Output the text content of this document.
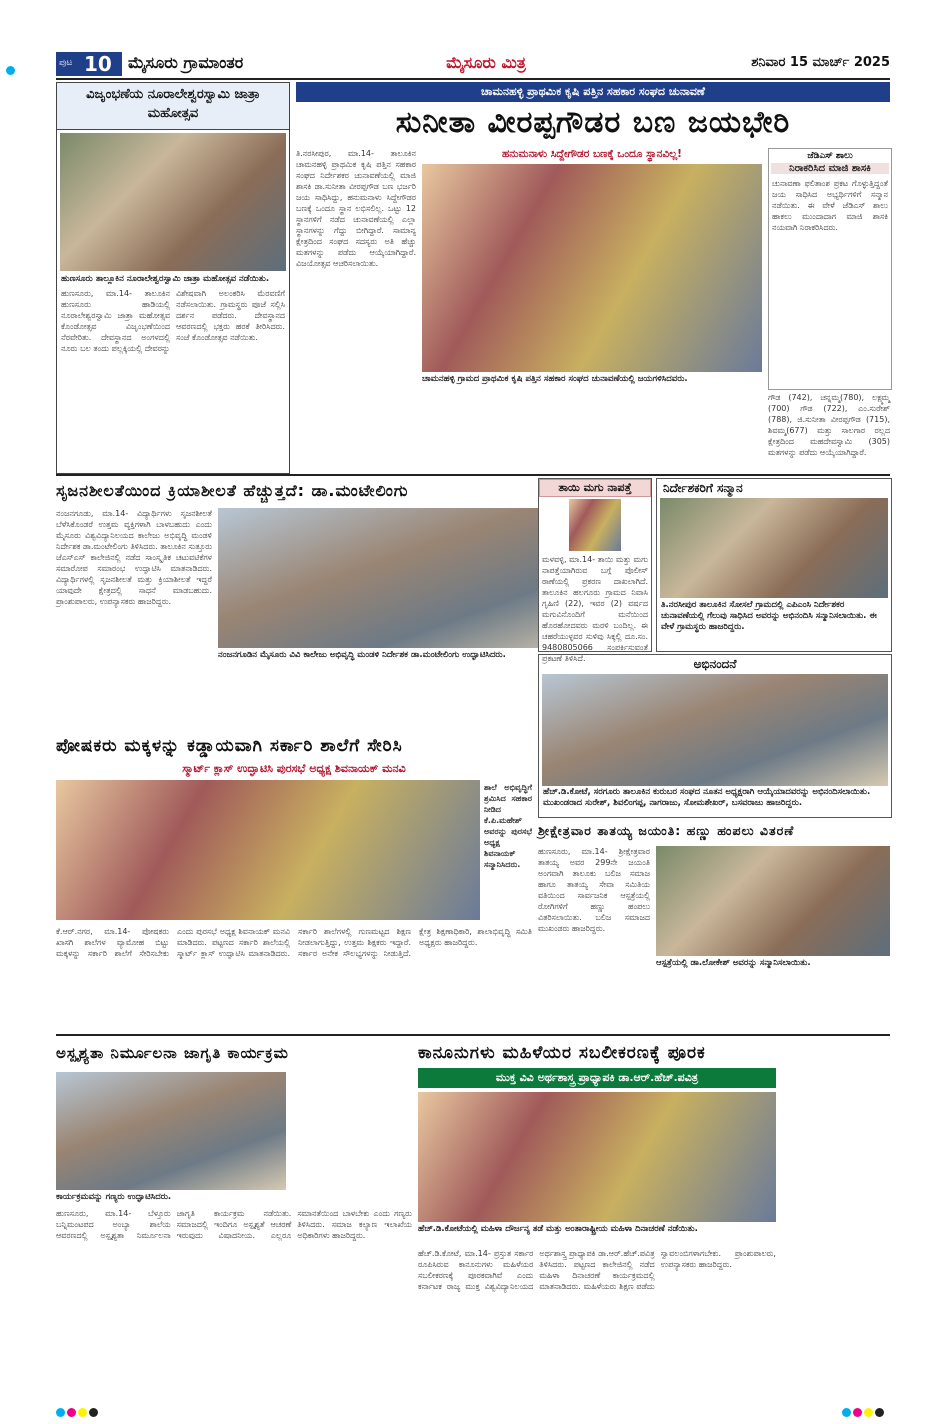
ಪುಟ 10 ಮೈಸೂರು ಗ್ರಾಮಾಂತರ	ಮೈಸೂರು ಮಿತ್ರ	ಶನಿವಾರ 15 ಮಾರ್ಚ್ 2025
ವಿಜೃಂಭಣೆಯ ನೂರಾಲೇಶ್ವರಸ್ವಾಮಿ ಜಾತ್ರಾ ಮಹೋತ್ಸವ
ಹುಣಸೂರು ತಾಲ್ಲೂಕಿನ ನೂರಾಲೇಶ್ವರಸ್ವಾಮಿ ಜಾತ್ರಾ ಮಹೋತ್ಸವ ನಡೆಯಿತು.
ಹುಣಸೂರು, ಮಾ.14- ತಾಲೂಕಿನ ಹುಣಸೂರು ಹಾಡಿಯಲ್ಲಿ ನೂರಾಲೇಶ್ವರಸ್ವಾಮಿ ಜಾತ್ರಾ ಮಹೋತ್ಸವ ಕೊಂಡೋತ್ಸವ ವಿಜೃಂಭಣೆಯಿಂದ ನೆರವೇರಿತು. ದೇವಸ್ಥಾನದ ಅಂಗಳದಲ್ಲಿ ನೂರು ಬಲ ತಂದು ಪಲ್ಲಕ್ಕಿಯಲ್ಲಿ ದೇವರನ್ನು ವಿಶೇಷವಾಗಿ ಅಲಂಕರಿಸಿ ಮೆರವಣಿಗೆ ನಡೆಸಲಾಯಿತು. ಗ್ರಾಮಸ್ಥರು ಪೂಜೆ ಸಲ್ಲಿಸಿ ದರ್ಶನ ಪಡೆದರು. ದೇವಸ್ಥಾನದ ಆವರಣದಲ್ಲಿ ಭಕ್ತರು ಹರಕೆ ತೀರಿಸಿದರು. ಸಂಜೆ ಕೊಂಡೋತ್ಸವ ನಡೆಯಿತು.
ಚಾಮನಹಳ್ಳಿ ಪ್ರಾಥಮಿಕ ಕೃಷಿ ಪತ್ತಿನ ಸಹಕಾರ ಸಂಘದ ಚುನಾವಣೆ
ಸುನೀತಾ ವೀರಪ್ಪಗೌಡರ ಬಣ ಜಯಭೇರಿ
ತಿ.ನರಸೀಪುರ, ಮಾ.14- ತಾಲೂಕಿನ ಚಾಮನಹಳ್ಳಿ ಪ್ರಾಥಮಿಕ ಕೃಷಿ ಪತ್ತಿನ ಸಹಕಾರ ಸಂಘದ ನಿರ್ದೇಶಕರ ಚುನಾವಣೆಯಲ್ಲಿ ಮಾಜಿ ಶಾಸಕಿ ಡಾ.ಸುನೀತಾ ವೀರಪ್ಪಗೌಡ ಬಣ ಭರ್ಜರಿ ಜಯ ಸಾಧಿಸಿದ್ದು, ಹನುಮನಾಳು ಸಿದ್ದೇಗೌಡರ ಬಣಕ್ಕೆ ಒಂದೂ ಸ್ಥಾನ ಲಭಿಸಲಿಲ್ಲ. ಒಟ್ಟು 12 ಸ್ಥಾನಗಳಿಗೆ ನಡೆದ ಚುನಾವಣೆಯಲ್ಲಿ ಎಲ್ಲಾ ಸ್ಥಾನಗಳನ್ನು ಗೆದ್ದು ಬೀಗಿದ್ದಾರೆ. ಸಾಮಾನ್ಯ ಕ್ಷೇತ್ರದಿಂದ ಸಂಘದ ಸದಸ್ಯರು ಅತಿ ಹೆಚ್ಚು ಮತಗಳನ್ನು ಪಡೆದು ಆಯ್ಕೆಯಾಗಿದ್ದಾರೆ. ವಿಜಯೋತ್ಸವ ಆಚರಿಸಲಾಯಿತು.
ಹನುಮನಾಳು ಸಿದ್ದೇಗೌಡರ ಬಣಕ್ಕೆ ಒಂದೂ ಸ್ಥಾನವಿಲ್ಲ!
ಚಾಮನಹಳ್ಳಿ ಗ್ರಾಮದ ಪ್ರಾಥಮಿಕ ಕೃಷಿ ಪತ್ತಿನ ಸಹಕಾರ ಸಂಘದ ಚುನಾವಣೆಯಲ್ಲಿ ಜಯಗಳಿಸಿದವರು.
ಜೆಡಿಎಸ್ ಶಾಲು
ನಿರಾಕರಿಸಿದ ಮಾಜಿ ಶಾಸಕಿ
ಚುನಾವಣಾ ಫಲಿತಾಂಶ ಪ್ರಕಟ ಗೊಳ್ಳುತ್ತಿದ್ದಂತೆ ಜಯ ಸಾಧಿಸಿದ ಅಭ್ಯರ್ಥಿಗಳಿಗೆ ಸನ್ಮಾನ ನಡೆಯಿತು. ಈ ವೇಳೆ ಜೆಡಿಎಸ್ ಶಾಲು ಹಾಕಲು ಮುಂದಾದಾಗ ಮಾಜಿ ಶಾಸಕಿ ನಯವಾಗಿ ನಿರಾಕರಿಸಿದರು.
ಗೌಡ (742), ಚನ್ನಮ್ಮ(780), ಲಕ್ಷ್ಮಮ್ಮ (700) ಗೌಡ (722), ಎಂ.ಸುರೇಶ್ (788), ಜಿ.ಸುನೀತಾ ವೀರಪ್ಪಗೌಡ (715), ಶಿವಮ್ಮ(677) ಮತ್ತು ಸಾಲಗಾರ ರಲ್ಲದ ಕ್ಷೇತ್ರದಿಂದ ಮಹದೇವಸ್ವಾಮಿ (305) ಮತಗಳನ್ನು ಪಡೆದು ಆಯ್ಕೆಯಾಗಿದ್ದಾರೆ.
ಸೃಜನಶೀಲತೆಯಿಂದ ಕ್ರಿಯಾಶೀಲತೆ ಹೆಚ್ಚುತ್ತದೆ: ಡಾ.ಮಂಟೇಲಿಂಗು
ನಂಜನಗೂಡು, ಮಾ.14- ವಿದ್ಯಾರ್ಥಿಗಳು ಸೃಜನಶೀಲತೆ ಬೆಳೆಸಿಕೊಂಡರೆ ಉತ್ತಮ ವ್ಯಕ್ತಿಗಳಾಗಿ ಬಾಳಬಹುದು ಎಂದು ಮೈಸೂರು ವಿಶ್ವವಿದ್ಯಾನಿಲಯದ ಕಾಲೇಜು ಅಭಿವೃದ್ಧಿ ಮಂಡಳಿ ನಿರ್ದೇಶಕ ಡಾ.ಮಂಟೇಲಿಂಗು ತಿಳಿಸಿದರು. ತಾಲೂಕಿನ ಸುತ್ತೂರು ಜೆಎಸ್‌ಎಸ್ ಕಾಲೇಜಿನಲ್ಲಿ ನಡೆದ ಸಾಂಸ್ಕೃತಿಕ ಚಟುವಟಿಕೆಗಳ ಸಮಾರೋಪ ಸಮಾರಂಭ ಉದ್ಘಾಟಿಸಿ ಮಾತನಾಡಿದರು. ವಿದ್ಯಾರ್ಥಿಗಳಲ್ಲಿ ಸೃಜನಶೀಲತೆ ಮತ್ತು ಕ್ರಿಯಾಶೀಲತೆ ಇದ್ದರೆ ಯಾವುದೇ ಕ್ಷೇತ್ರದಲ್ಲಿ ಸಾಧನೆ ಮಾಡಬಹುದು. ಪ್ರಾಂಶುಪಾಲರು, ಉಪನ್ಯಾಸಕರು ಹಾಜರಿದ್ದರು.
ನಂಜನಗೂಡಿನ ಮೈಸೂರು ವಿವಿ ಕಾಲೇಜು ಅಭಿವೃದ್ಧಿ ಮಂಡಳಿ ನಿರ್ದೇಶಕ ಡಾ.ಮಂಟೇಲಿಂಗು ಉದ್ಘಾಟಿಸಿದರು.
ತಾಯಿ ಮಗು ನಾಪತ್ತೆ
ಮಳವಳ್ಳಿ, ಮಾ.14- ತಾಯಿ ಮತ್ತು ಮಗು ನಾಪತ್ತೆಯಾಗಿರುವ ಬಗ್ಗೆ ಪೊಲೀಸ್ ಠಾಣೆಯಲ್ಲಿ ಪ್ರಕರಣ ದಾಖಲಾಗಿದೆ. ತಾಲೂಕಿನ ಹಲಗೂರು ಗ್ರಾಮದ ನಿವಾಸಿ ಗೃಹಿಣಿ (22), ಇವರ (2) ವರ್ಷದ ಮಗುವಿನೊಂದಿಗೆ ಮನೆಯಿಂದ ಹೊರಹೋದವರು ಮರಳಿ ಬಂದಿಲ್ಲ. ಈ ಚಹರೆಯುಳ್ಳವರ ಸುಳಿವು ಸಿಕ್ಕಲ್ಲಿ ದೂ.ಸಂ. 9480805066 ಸಂಪರ್ಕಿಸುವಂತೆ ಪ್ರಕಟಣೆ ತಿಳಿಸಿದೆ.
ನಿರ್ದೇಶಕರಿಗೆ ಸನ್ಮಾನ
ತಿ.ನರಸೀಪುರ ತಾಲೂಕಿನ ಸೋಸಲೆ ಗ್ರಾಮದಲ್ಲಿ ಎಪಿಎಂಸಿ ನಿರ್ದೇಶಕರ ಚುನಾವಣೆಯಲ್ಲಿ ಗೆಲುವು ಸಾಧಿಸಿದ ಅವರನ್ನು ಅಭಿನಂದಿಸಿ ಸನ್ಮಾನಿಸಲಾಯಿತು. ಈ ವೇಳೆ ಗ್ರಾಮಸ್ಥರು ಹಾಜರಿದ್ದರು.
ಅಭಿನಂದನೆ
ಹೆಚ್.ಡಿ.ಕೋಟೆ, ಸರಗೂರು ತಾಲೂಕಿನ ಕುರುಬರ ಸಂಘದ ನೂತನ ಅಧ್ಯಕ್ಷರಾಗಿ ಆಯ್ಕೆಯಾದವರನ್ನು ಅಭಿನಂದಿಸಲಾಯಿತು. ಮುಖಂಡರಾದ ಸುರೇಶ್, ಶಿವಲಿಂಗಪ್ಪ, ನಾಗರಾಜು, ಸೋಮಶೇಖರ್, ಬಸವರಾಜು ಹಾಜರಿದ್ದರು.
ಪೋಷಕರು ಮಕ್ಕಳನ್ನು ಕಡ್ಡಾಯವಾಗಿ ಸರ್ಕಾರಿ ಶಾಲೆಗೆ ಸೇರಿಸಿ
ಸ್ಮಾರ್ಟ್ ಕ್ಲಾಸ್ ಉದ್ಘಾಟಿಸಿ ಪುರಸಭೆ ಅಧ್ಯಕ್ಷ ಶಿವನಾಯಕ್ ಮನವಿ
ಶಾಲೆ ಅಭಿವೃದ್ಧಿಗೆ ಶ್ರಮಿಸಿದ ಸಹಕಾರ ನೀಡಿದ ಕೆ.ಪಿ.ಮಹೇಶ್ ಅವರನ್ನು ಪುರಸಭೆ ಅಧ್ಯಕ್ಷ ಶಿವನಾಯಕ್ ಸನ್ಮಾನಿಸಿದರು.
ಕೆ.ಆರ್.ನಗರ, ಮಾ.14- ಪೋಷಕರು ಖಾಸಗಿ ಶಾಲೆಗಳ ವ್ಯಾಮೋಹ ಬಿಟ್ಟು ಮಕ್ಕಳನ್ನು ಸರ್ಕಾರಿ ಶಾಲೆಗೆ ಸೇರಿಸಬೇಕು ಎಂದು ಪುರಸಭೆ ಅಧ್ಯಕ್ಷ ಶಿವನಾಯಕ್ ಮನವಿ ಮಾಡಿದರು. ಪಟ್ಟಣದ ಸರ್ಕಾರಿ ಶಾಲೆಯಲ್ಲಿ ಸ್ಮಾರ್ಟ್ ಕ್ಲಾಸ್ ಉದ್ಘಾಟಿಸಿ ಮಾತನಾಡಿದರು. ಸರ್ಕಾರಿ ಶಾಲೆಗಳಲ್ಲಿ ಗುಣಮಟ್ಟದ ಶಿಕ್ಷಣ ನೀಡಲಾಗುತ್ತಿದ್ದು, ಉತ್ತಮ ಶಿಕ್ಷಕರು ಇದ್ದಾರೆ. ಸರ್ಕಾರ ಅನೇಕ ಸೌಲಭ್ಯಗಳನ್ನು ನೀಡುತ್ತಿದೆ. ಕ್ಷೇತ್ರ ಶಿಕ್ಷಣಾಧಿಕಾರಿ, ಶಾಲಾಭಿವೃದ್ಧಿ ಸಮಿತಿ ಅಧ್ಯಕ್ಷರು ಹಾಜರಿದ್ದರು.
ಶ್ರೀಕ್ಷೇತ್ರವಾರ ತಾತಯ್ಯ ಜಯಂತಿ: ಹಣ್ಣು ಹಂಪಲು ವಿತರಣೆ
ಹುಣಸೂರು, ಮಾ.14- ಶ್ರೀಕ್ಷೇತ್ರವಾರ ತಾತಯ್ಯ ಅವರ 299ನೇ ಜಯಂತಿ ಅಂಗವಾಗಿ ತಾಲೂಕು ಬಲಿಜ ಸಮಾಜ ಹಾಗೂ ತಾತಯ್ಯ ಸೇವಾ ಸಮಿತಿಯ ವತಿಯಿಂದ ಸಾರ್ವಜನಿಕ ಆಸ್ಪತ್ರೆಯಲ್ಲಿ ರೋಗಿಗಳಿಗೆ ಹಣ್ಣು ಹಂಪಲು ವಿತರಿಸಲಾಯಿತು. ಬಲಿಜ ಸಮಾಜದ ಮುಖಂಡರು ಹಾಜರಿದ್ದರು.
ಆಸ್ಪತ್ರೆಯಲ್ಲಿ ಡಾ.ಲೋಕೇಶ್ ಅವರನ್ನು ಸನ್ಮಾನಿಸಲಾಯಿತು.
ಅಸ್ಪೃಶ್ಯತಾ ನಿರ್ಮೂಲನಾ ಜಾಗೃತಿ ಕಾರ್ಯಕ್ರಮ
ಕಾರ್ಯಕ್ರಮವನ್ನು ಗಣ್ಯರು ಉದ್ಘಾಟಿಸಿದರು.
ಹುಣಸೂರು, ಮಾ.14- ಬೆಳ್ತೂರು ಬನ್ನಿಮಂಟಪದ ಅಂಬ್ಯಾ ಶಾಲೆಯ ಆವರಣದಲ್ಲಿ ಅಸ್ಪೃಶ್ಯತಾ ನಿರ್ಮೂಲನಾ ಜಾಗೃತಿ ಕಾರ್ಯಕ್ರಮ ನಡೆಯಿತು. ಸಮಾಜದಲ್ಲಿ ಇಂದಿಗೂ ಅಸ್ಪೃಶ್ಯತೆ ಆಚರಣೆ ಇರುವುದು ವಿಷಾದನೀಯ. ಎಲ್ಲರೂ ಸಮಾನತೆಯಿಂದ ಬಾಳಬೇಕು ಎಂದು ಗಣ್ಯರು ತಿಳಿಸಿದರು. ಸಮಾಜ ಕಲ್ಯಾಣ ಇಲಾಖೆಯ ಅಧಿಕಾರಿಗಳು ಹಾಜರಿದ್ದರು.
ಕಾನೂನುಗಳು ಮಹಿಳೆಯರ ಸಬಲೀಕರಣಕ್ಕೆ ಪೂರಕ
ಮುಕ್ತ ವಿವಿ ಅರ್ಥಶಾಸ್ತ್ರ ಪ್ರಾಧ್ಯಾಪಕಿ ಡಾ.ಆರ್.ಹೆಚ್.ಪವಿತ್ರ
ಹೆಚ್.ಡಿ.ಕೋಟೆಯಲ್ಲಿ ಮಹಿಳಾ ದೌರ್ಜನ್ಯ ತಡೆ ಮತ್ತು ಅಂತಾರಾಷ್ಟ್ರೀಯ ಮಹಿಳಾ ದಿನಾಚರಣೆ ನಡೆಯಿತು.
ಹೆಚ್.ಡಿ.ಕೋಟೆ, ಮಾ.14- ಪ್ರಸ್ತುತ ಸರ್ಕಾರ ರೂಪಿಸಿರುವ ಕಾನೂನುಗಳು ಮಹಿಳೆಯರ ಸಬಲೀಕರಣಕ್ಕೆ ಪೂರಕವಾಗಿವೆ ಎಂದು ಕರ್ನಾಟಕ ರಾಜ್ಯ ಮುಕ್ತ ವಿಶ್ವವಿದ್ಯಾನಿಲಯದ ಅರ್ಥಶಾಸ್ತ್ರ ಪ್ರಾಧ್ಯಾಪಕಿ ಡಾ.ಆರ್.ಹೆಚ್.ಪವಿತ್ರ ತಿಳಿಸಿದರು. ಪಟ್ಟಣದ ಕಾಲೇಜಿನಲ್ಲಿ ನಡೆದ ಮಹಿಳಾ ದಿನಾಚರಣೆ ಕಾರ್ಯಕ್ರಮದಲ್ಲಿ ಮಾತನಾಡಿದರು. ಮಹಿಳೆಯರು ಶಿಕ್ಷಣ ಪಡೆದು ಸ್ವಾವಲಂಬಿಗಳಾಗಬೇಕು. ಪ್ರಾಂಶುಪಾಲರು, ಉಪನ್ಯಾಸಕರು ಹಾಜರಿದ್ದರು.
